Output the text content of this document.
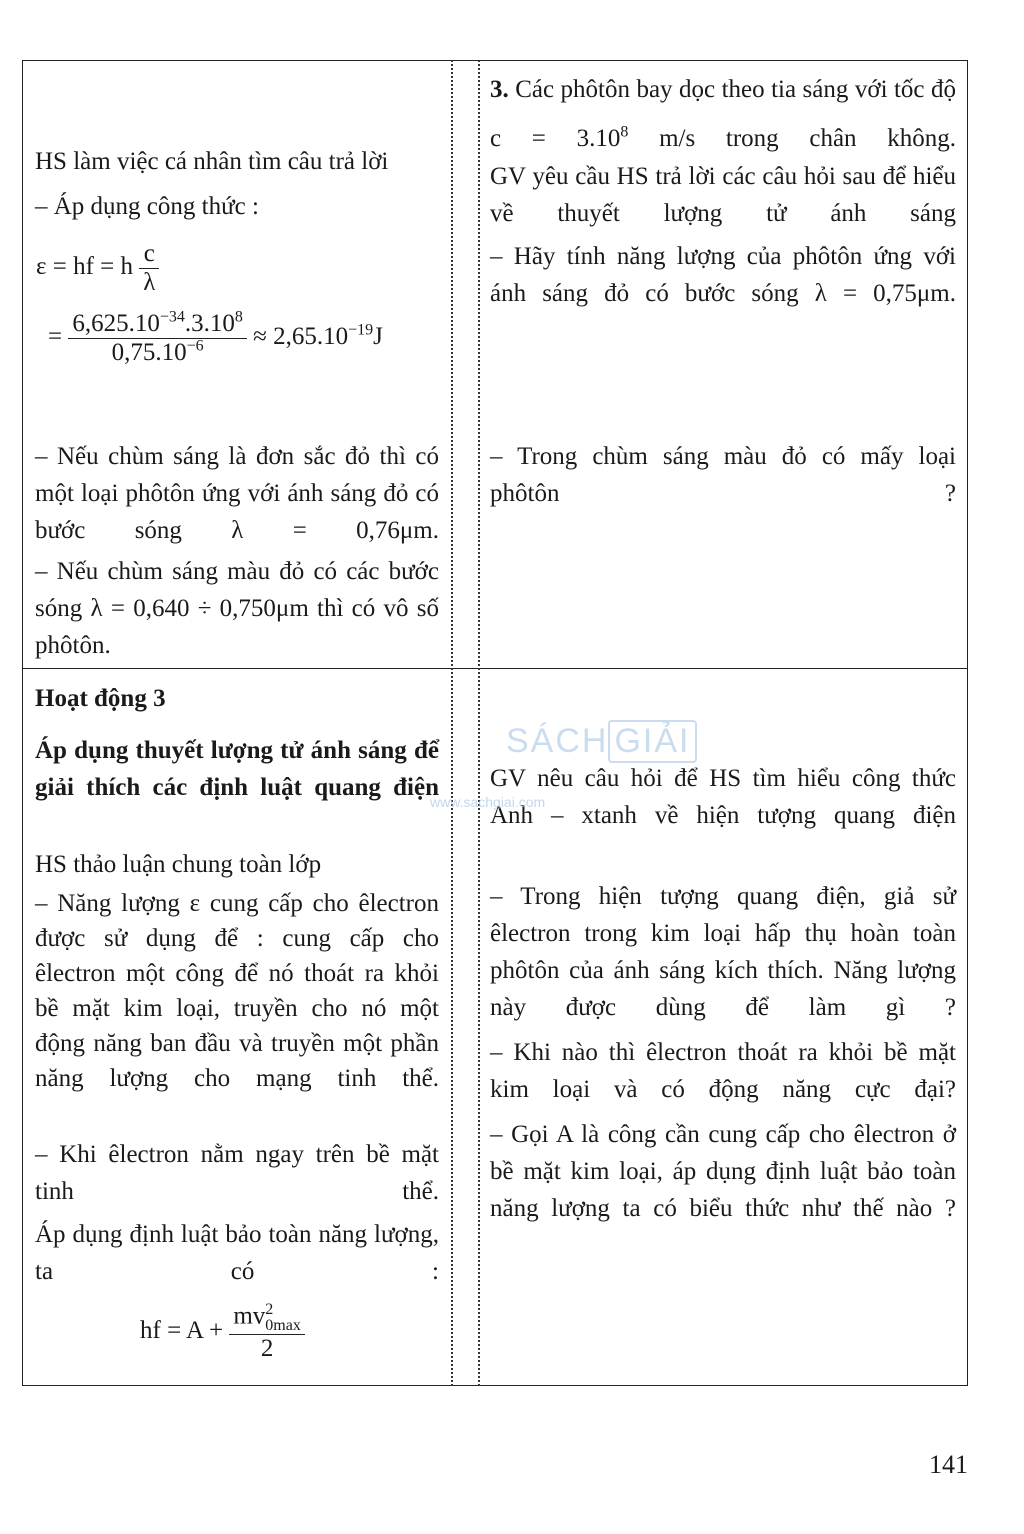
HS làm việc cá nhân tìm câu trả lời
– Áp dụng công thức :
ε = hf = h $\frac{c}{\lambda}$
= $\frac{6,625.10^{-34}.3.10^8}{0,75.10^{-6}} \approx 2,65.10^{-19}J$
– Nếu chùm sáng là đơn sắc đỏ thì có một loại phôtôn ứng với ánh sáng đỏ có bước sóng λ = 0,76μm.
– Nếu chùm sáng màu đỏ có các bước sóng λ = 0,640 ÷ 0,750μm thì có vô số phôtôn.
3. Các phôtôn bay dọc theo tia sáng với tốc độ $c = 3.10^8$ m/s trong chân không.
GV yêu cầu HS trả lời các câu hỏi sau để hiểu về thuyết lượng tử ánh sáng
– Hãy tính năng lượng của phôtôn ứng với ánh sáng đỏ có bước sóng λ = 0,75μm.
– Trong chùm sáng màu đỏ có mấy loại phôtôn ?
Hoạt động 3
Áp dụng thuyết lượng tử ánh sáng để giải thích các định luật quang điện
HS thảo luận chung toàn lớp
– Năng lượng ε cung cấp cho êlectron được sử dụng để : cung cấp cho êlectron một công để nó thoát ra khỏi bề mặt kim loại, truyền cho nó một động năng ban đầu và truyền một phần năng lượng cho mạng tinh thể.
– Khi êlectron nằm ngay trên bề mặt tinh thể.
Áp dụng định luật bảo toàn năng lượng, ta có :
hf = A + mv 2
0max
2
GV nêu câu hỏi để HS tìm hiểu công thức Anh – xtanh về hiện tượng quang điện
– Trong hiện tượng quang điện, giả sử êlectron trong kim loại hấp thụ hoàn toàn phôtôn của ánh sáng kích thích. Năng lượng này được dùng để làm gì ?
– Khi nào thì êlectron thoát ra khỏi bề mặt kim loại và có động năng cực đại?
– Gọi A là công cần cung cấp cho êlectron ở bề mặt kim loại, áp dụng định luật bảo toàn năng lượng ta có biểu thức như thế nào ?
SÁCH GIẢI
www.sachgiai.com
141
